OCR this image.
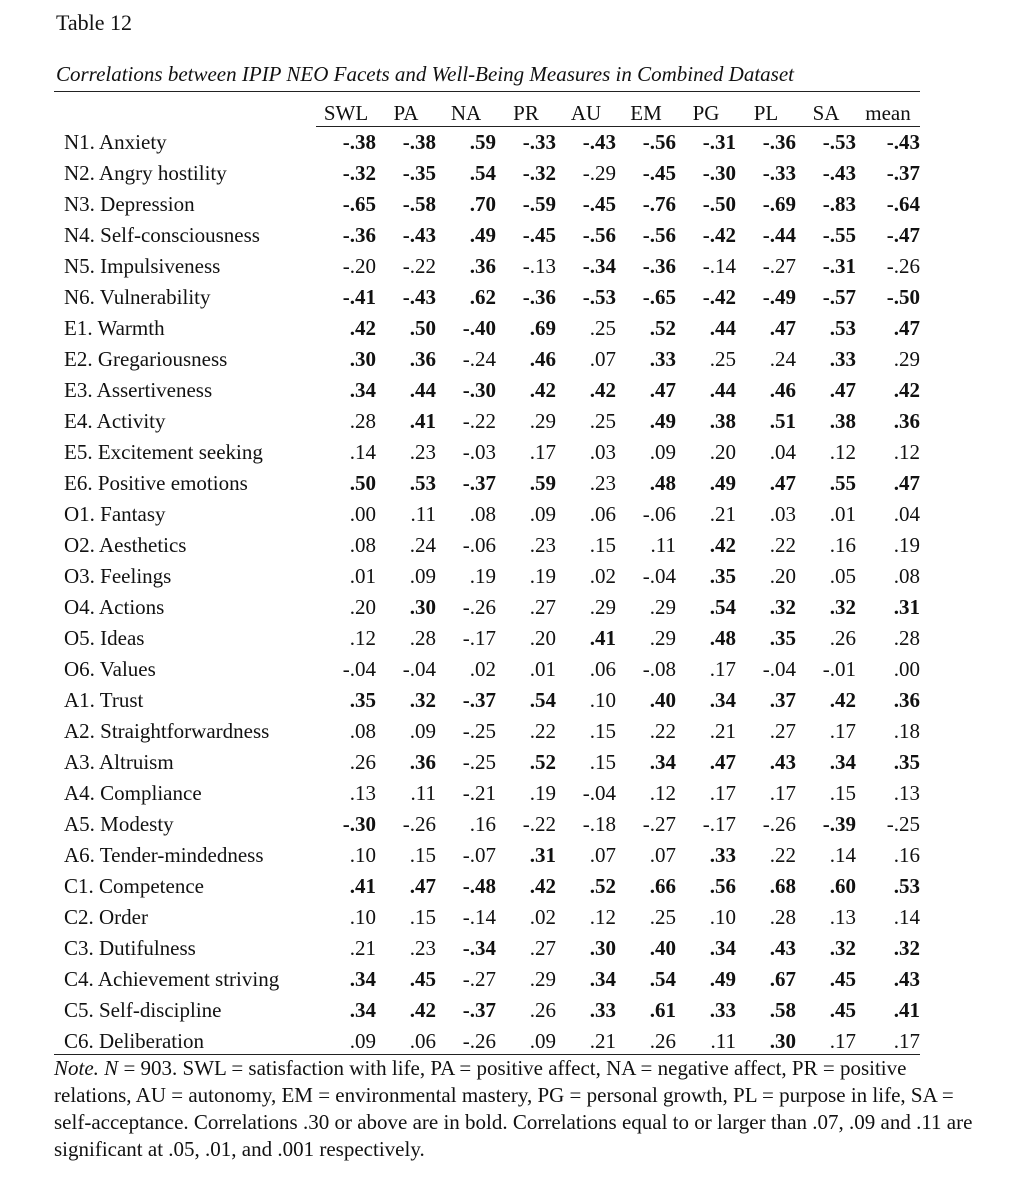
Table 12
Correlations between IPIP NEO Facets and Well-Being Measures in Combined Dataset
	SWL	PA	NA	PR	AU	EM	PG	PL	SA	mean
N1. Anxiety	-.38	-.38	.59	-.33	-.43	-.56	-.31	-.36	-.53	-.43
N2. Angry hostility	-.32	-.35	.54	-.32	-.29	-.45	-.30	-.33	-.43	-.37
N3. Depression	-.65	-.58	.70	-.59	-.45	-.76	-.50	-.69	-.83	-.64
N4. Self-consciousness	-.36	-.43	.49	-.45	-.56	-.56	-.42	-.44	-.55	-.47
N5. Impulsiveness	-.20	-.22	.36	-.13	-.34	-.36	-.14	-.27	-.31	-.26
N6. Vulnerability	-.41	-.43	.62	-.36	-.53	-.65	-.42	-.49	-.57	-.50
E1. Warmth	.42	.50	-.40	.69	.25	.52	.44	.47	.53	.47
E2. Gregariousness	.30	.36	-.24	.46	.07	.33	.25	.24	.33	.29
E3. Assertiveness	.34	.44	-.30	.42	.42	.47	.44	.46	.47	.42
E4. Activity	.28	.41	-.22	.29	.25	.49	.38	.51	.38	.36
E5. Excitement seeking	.14	.23	-.03	.17	.03	.09	.20	.04	.12	.12
E6. Positive emotions	.50	.53	-.37	.59	.23	.48	.49	.47	.55	.47
O1. Fantasy	.00	.11	.08	.09	.06	-.06	.21	.03	.01	.04
O2. Aesthetics	.08	.24	-.06	.23	.15	.11	.42	.22	.16	.19
O3. Feelings	.01	.09	.19	.19	.02	-.04	.35	.20	.05	.08
O4. Actions	.20	.30	-.26	.27	.29	.29	.54	.32	.32	.31
O5. Ideas	.12	.28	-.17	.20	.41	.29	.48	.35	.26	.28
O6. Values	-.04	-.04	.02	.01	.06	-.08	.17	-.04	-.01	.00
A1. Trust	.35	.32	-.37	.54	.10	.40	.34	.37	.42	.36
A2. Straightforwardness	.08	.09	-.25	.22	.15	.22	.21	.27	.17	.18
A3. Altruism	.26	.36	-.25	.52	.15	.34	.47	.43	.34	.35
A4. Compliance	.13	.11	-.21	.19	-.04	.12	.17	.17	.15	.13
A5. Modesty	-.30	-.26	.16	-.22	-.18	-.27	-.17	-.26	-.39	-.25
A6. Tender-mindedness	.10	.15	-.07	.31	.07	.07	.33	.22	.14	.16
C1. Competence	.41	.47	-.48	.42	.52	.66	.56	.68	.60	.53
C2. Order	.10	.15	-.14	.02	.12	.25	.10	.28	.13	.14
C3. Dutifulness	.21	.23	-.34	.27	.30	.40	.34	.43	.32	.32
C4. Achievement striving	.34	.45	-.27	.29	.34	.54	.49	.67	.45	.43
C5. Self-discipline	.34	.42	-.37	.26	.33	.61	.33	.58	.45	.41
C6. Deliberation	.09	.06	-.26	.09	.21	.26	.11	.30	.17	.17
Note. N = 903. SWL = satisfaction with life, PA = positive affect, NA = negative affect, PR = positive relations, AU = autonomy, EM = environmental mastery, PG = personal growth, PL = purpose in life, SA = self-acceptance. Correlations .30 or above are in bold. Correlations equal to or larger than .07, .09 and .11 are significant at .05, .01, and .001 respectively.
